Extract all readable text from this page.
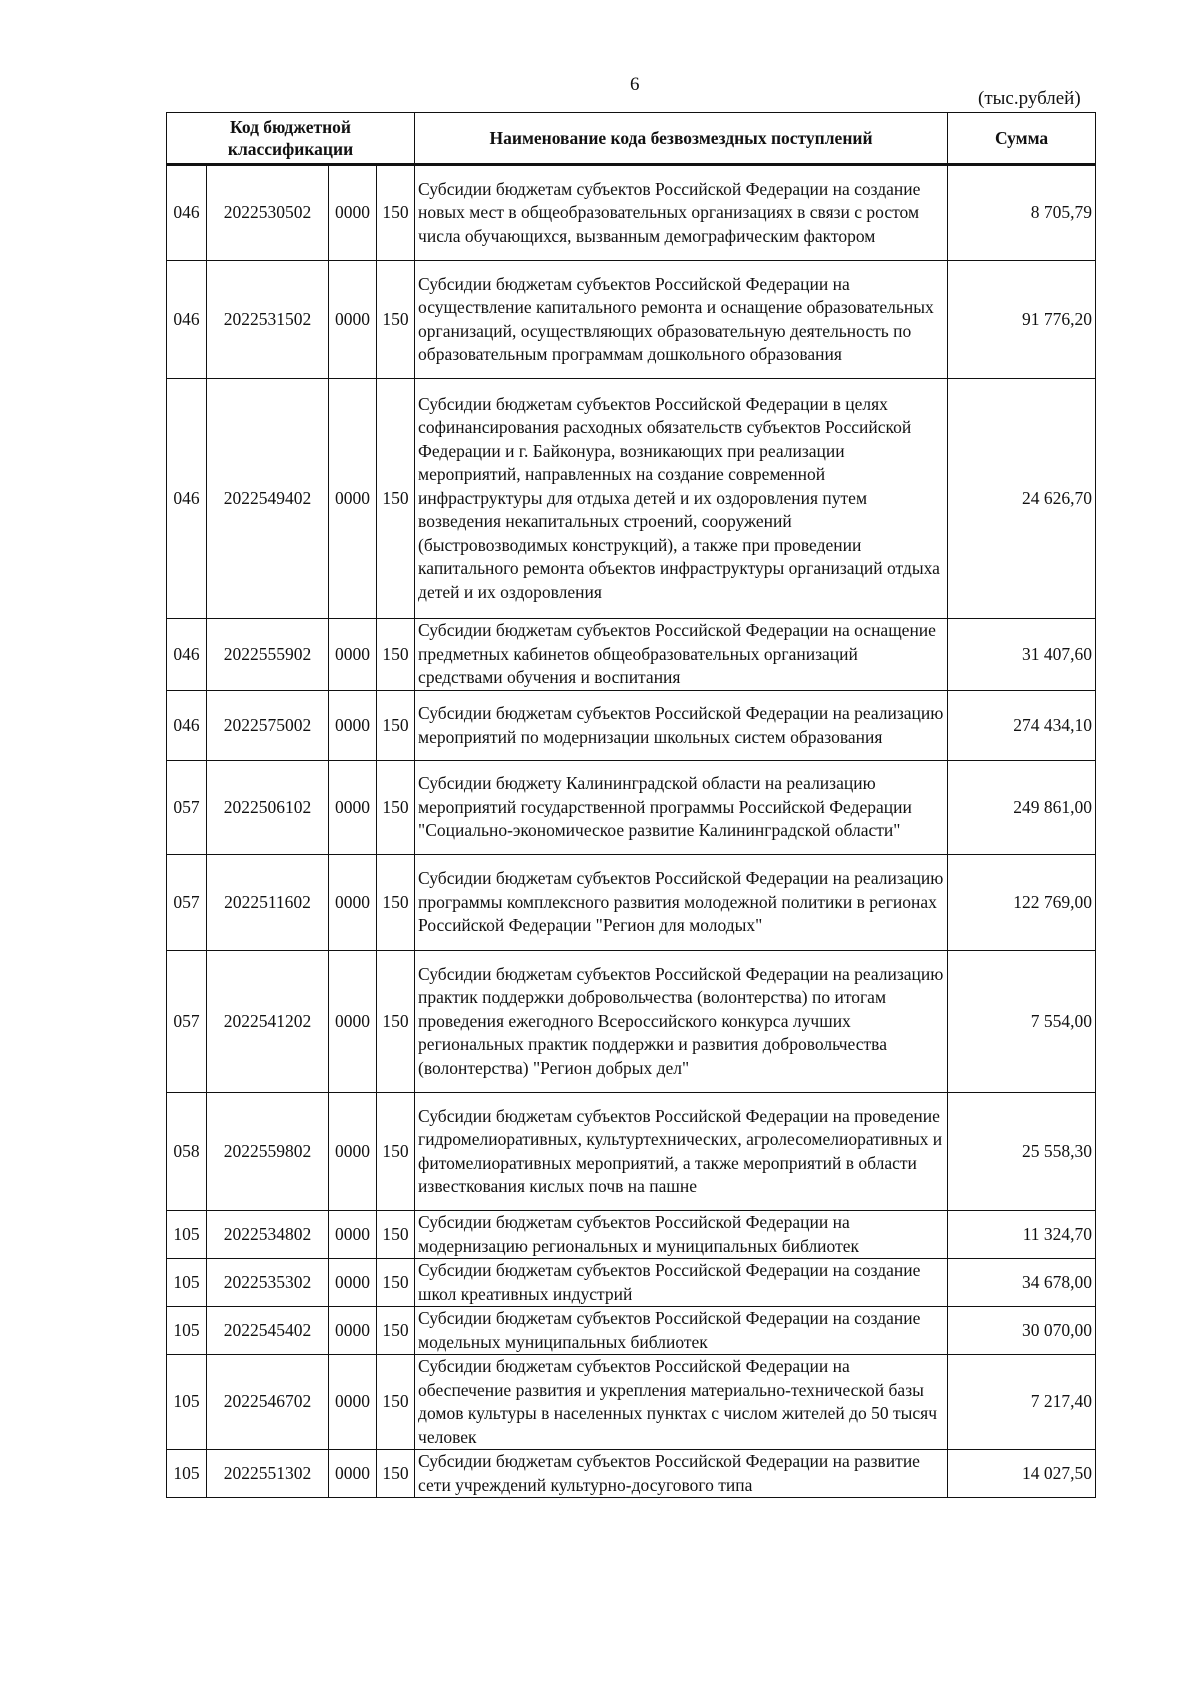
6
(тыс.рублей)
Код бюджетной классификации				Наименование кода безвозмездных поступлений	Сумма
046	2022530502	0000	150	Субсидии бюджетам субъектов Российской Федерации на создание новых мест в общеобразовательных организациях в связи с ростом числа обучающихся, вызванным демографическим фактором	8 705,79
046	2022531502	0000	150	Субсидии бюджетам субъектов Российской Федерации на осуществление капитального ремонта и оснащение образовательных организаций, осуществляющих образовательную деятельность по образовательным программам дошкольного образования	91 776,20
046	2022549402	0000	150	Субсидии бюджетам субъектов Российской Федерации в целях софинансирования расходных обязательств субъектов Российской Федерации и г. Байконура, возникающих при реализации мероприятий, направленных на создание современной инфраструктуры для отдыха детей и их оздоровления путем возведения некапитальных строений, сооружений (быстровозводимых конструкций), а также при проведении капитального ремонта объектов инфраструктуры организаций отдыха детей и их оздоровления	24 626,70
046	2022555902	0000	150	Субсидии бюджетам субъектов Российской Федерации на оснащение предметных кабинетов общеобразовательных организаций средствами обучения и воспитания	31 407,60
046	2022575002	0000	150	Субсидии бюджетам субъектов Российской Федерации на реализацию мероприятий по модернизации школьных систем образования	274 434,10
057	2022506102	0000	150	Субсидии бюджету Калининградской области на реализацию мероприятий государственной программы Российской Федерации "Социально-экономическое развитие Калининградской области"	249 861,00
057	2022511602	0000	150	Субсидии бюджетам субъектов Российской Федерации на реализацию программы комплексного развития молодежной политики в регионах Российской Федерации "Регион для молодых"	122 769,00
057	2022541202	0000	150	Субсидии бюджетам субъектов Российской Федерации на реализацию практик поддержки добровольчества (волонтерства) по итогам проведения ежегодного Всероссийского конкурса лучших региональных практик поддержки и развития добровольчества (волонтерства) "Регион добрых дел"	7 554,00
058	2022559802	0000	150	Субсидии бюджетам субъектов Российской Федерации на проведение гидромелиоративных, культуртехнических, агролесомелиоративных и фитомелиоративных мероприятий, а также мероприятий в области известкования кислых почв на пашне	25 558,30
105	2022534802	0000	150	Субсидии бюджетам субъектов Российской Федерации на модернизацию региональных и муниципальных библиотек	11 324,70
105	2022535302	0000	150	Субсидии бюджетам субъектов Российской Федерации на создание школ креативных индустрий	34 678,00
105	2022545402	0000	150	Субсидии бюджетам субъектов Российской Федерации на создание модельных муниципальных библиотек	30 070,00
105	2022546702	0000	150	Субсидии бюджетам субъектов Российской Федерации на обеспечение развития и укрепления материально-технической базы домов культуры в населенных пунктах с числом жителей до 50 тысяч человек	7 217,40
105	2022551302	0000	150	Субсидии бюджетам субъектов Российской Федерации на развитие сети учреждений культурно-досугового типа	14 027,50
